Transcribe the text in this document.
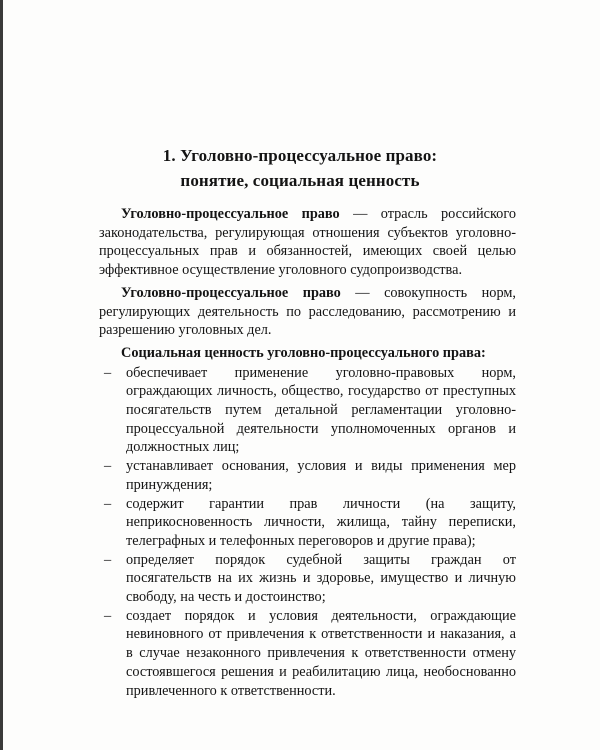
1. Уголовно-процессуальное право:
понятие, социальная ценность

Уголовно-процессуальное право — отрасль российского законодательства, регулирующая отношения субъектов уголовно-процессуальных прав и обязанностей, имеющих своей целью эффективное осуществление уголовного судопроизводства.

Уголовно-процессуальное право — совокупность норм, регулирующих деятельность по расследованию, рассмотрению и разрешению уголовных дел.

Социальная ценность уголовно-процессуального права:
– обеспечивает применение уголовно-правовых норм, ограждающих личность, общество, государство от преступных посягательств путем детальной регламентации уголовно-процессуальной деятельности уполномоченных органов и должностных лиц;
– устанавливает основания, условия и виды применения мер принуждения;
– содержит гарантии прав личности (на защиту, неприкосновенность личности, жилища, тайну переписки, телеграфных и телефонных переговоров и другие права);
– определяет порядок судебной защиты граждан от посягательств на их жизнь и здоровье, имущество и личную свободу, на честь и достоинство;
– создает порядок и условия деятельности, ограждающие невиновного от привлечения к ответственности и наказания, а в случае незаконного привлечения к ответственности отмену состоявшегося решения и реабилитацию лица, необоснованно привлеченного к ответственности.
